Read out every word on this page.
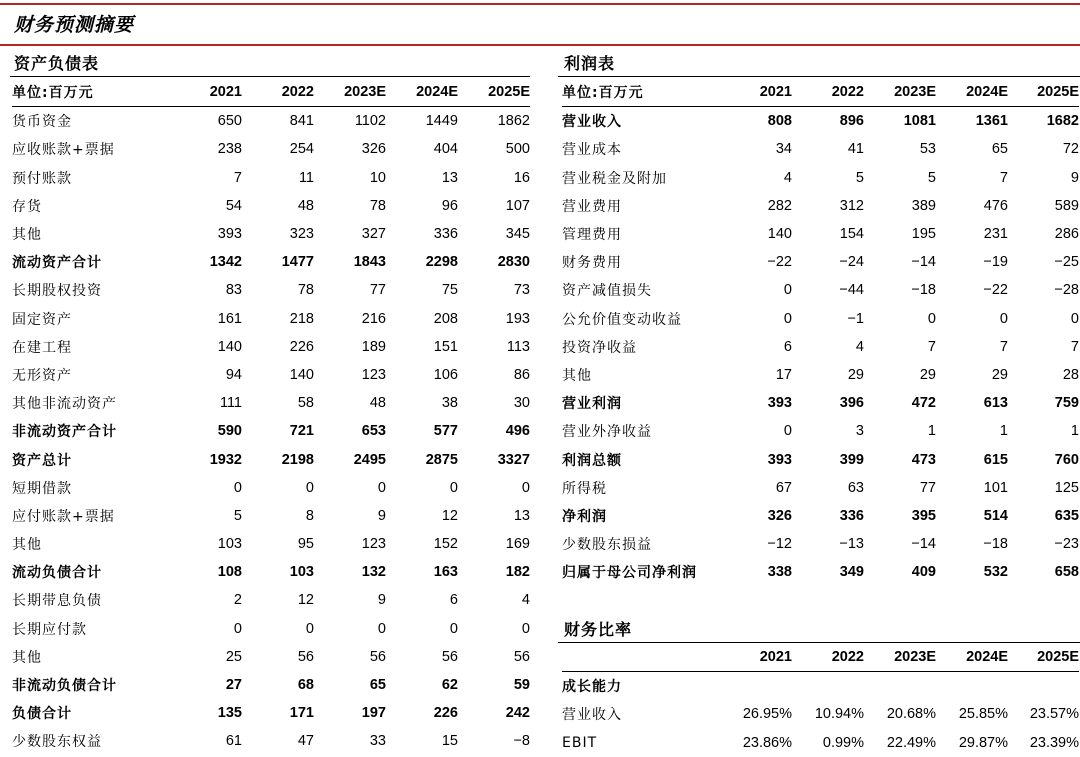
财务预测摘要
资产负债表
单位:百万元	2021	2022	2023E	2024E	2025E
货币资金	650	841	1102	1449	1862
应收账款+票据	238	254	326	404	500
预付账款	7	11	10	13	16
存货	54	48	78	96	107
其他	393	323	327	336	345
流动资产合计	1342	1477	1843	2298	2830
长期股权投资	83	78	77	75	73
固定资产	161	218	216	208	193
在建工程	140	226	189	151	113
无形资产	94	140	123	106	86
其他非流动资产	111	58	48	38	30
非流动资产合计	590	721	653	577	496
资产总计	1932	2198	2495	2875	3327
短期借款	0	0	0	0	0
应付账款+票据	5	8	9	12	13
其他	103	95	123	152	169
流动负债合计	108	103	132	163	182
长期带息负债	2	12	9	6	4
长期应付款	0	0	0	0	0
其他	25	56	56	56	56
非流动负债合计	27	68	65	62	59
负债合计	135	171	197	226	242
少数股东权益	61	47	33	15	−8
利润表
单位:百万元	2021	2022	2023E	2024E	2025E
营业收入	808	896	1081	1361	1682
营业成本	34	41	53	65	72
营业税金及附加	4	5	5	7	9
营业费用	282	312	389	476	589
管理费用	140	154	195	231	286
财务费用	−22	−24	−14	−19	−25
资产减值损失	0	−44	−18	−22	−28
公允价值变动收益	0	−1	0	0	0
投资净收益	6	4	7	7	7
其他	17	29	29	29	28
营业利润	393	396	472	613	759
营业外净收益	0	3	1	1	1
利润总额	393	399	473	615	760
所得税	67	63	77	101	125
净利润	326	336	395	514	635
少数股东损益	−12	−13	−14	−18	−23
归属于母公司净利润	338	349	409	532	658
财务比率
	2021	2022	2023E	2024E	2025E
成长能力					
营业收入	26.95%	10.94%	20.68%	25.85%	23.57%
EBIT	23.86%	0.99%	22.49%	29.87%	23.39%
